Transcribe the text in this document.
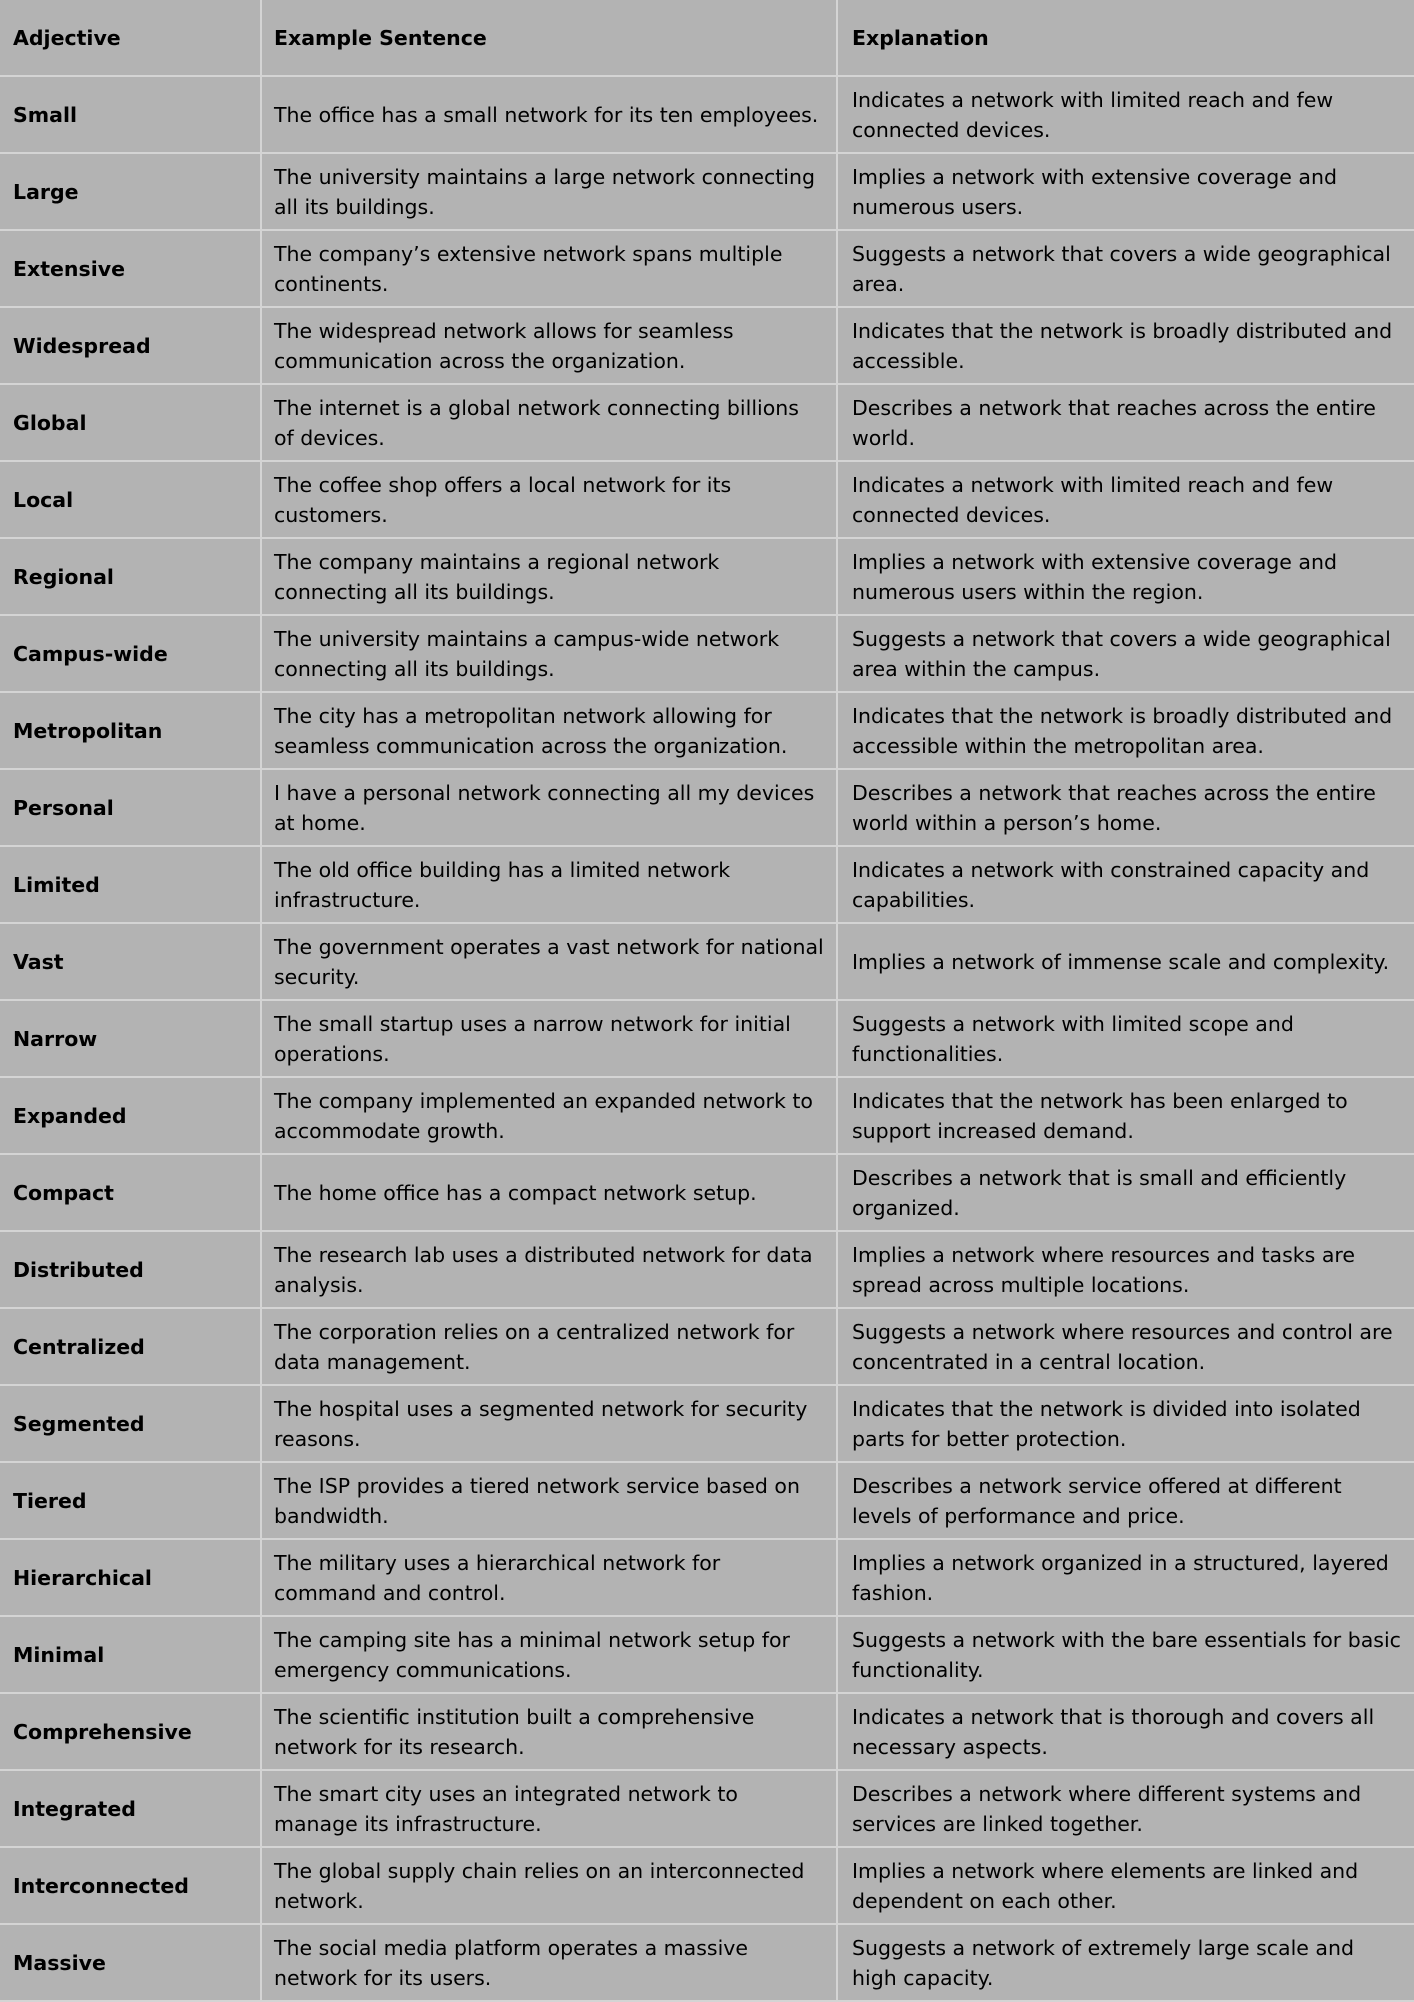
Adjective	Example Sentence	Explanation
Small	The office has a small network for its ten employees.	Indicates a network with limited reach and few connected devices.
Large	The university maintains a large network connecting all its buildings.	Implies a network with extensive coverage and numerous users.
Extensive	The company’s extensive network spans multiple continents.	Suggests a network that covers a wide geographical area.
Widespread	The widespread network allows for seamless communication across the organization.	Indicates that the network is broadly distributed and accessible.
Global	The internet is a global network connecting billions of devices.	Describes a network that reaches across the entire world.
Local	The coffee shop offers a local network for its customers.	Indicates a network with limited reach and few connected devices.
Regional	The company maintains a regional network connecting all its buildings.	Implies a network with extensive coverage and numerous users within the region.
Campus-wide	The university maintains a campus-wide network connecting all its buildings.	Suggests a network that covers a wide geographical area within the campus.
Metropolitan	The city has a metropolitan network allowing for seamless communication across the organization.	Indicates that the network is broadly distributed and accessible within the metropolitan area.
Personal	I have a personal network connecting all my devices at home.	Describes a network that reaches across the entire world within a person’s home.
Limited	The old office building has a limited network infrastructure.	Indicates a network with constrained capacity and capabilities.
Vast	The government operates a vast network for national security.	Implies a network of immense scale and complexity.
Narrow	The small startup uses a narrow network for initial operations.	Suggests a network with limited scope and functionalities.
Expanded	The company implemented an expanded network to accommodate growth.	Indicates that the network has been enlarged to support increased demand.
Compact	The home office has a compact network setup.	Describes a network that is small and efficiently organized.
Distributed	The research lab uses a distributed network for data analysis.	Implies a network where resources and tasks are spread across multiple locations.
Centralized	The corporation relies on a centralized network for data management.	Suggests a network where resources and control are concentrated in a central location.
Segmented	The hospital uses a segmented network for security reasons.	Indicates that the network is divided into isolated parts for better protection.
Tiered	The ISP provides a tiered network service based on bandwidth.	Describes a network service offered at different levels of performance and price.
Hierarchical	The military uses a hierarchical network for command and control.	Implies a network organized in a structured, layered fashion.
Minimal	The camping site has a minimal network setup for emergency communications.	Suggests a network with the bare essentials for basic functionality.
Comprehensive	The scientific institution built a comprehensive network for its research.	Indicates a network that is thorough and covers all necessary aspects.
Integrated	The smart city uses an integrated network to manage its infrastructure.	Describes a network where different systems and services are linked together.
Interconnected	The global supply chain relies on an interconnected network.	Implies a network where elements are linked and dependent on each other.
Massive	The social media platform operates a massive network for its users.	Suggests a network of extremely large scale and high capacity.
